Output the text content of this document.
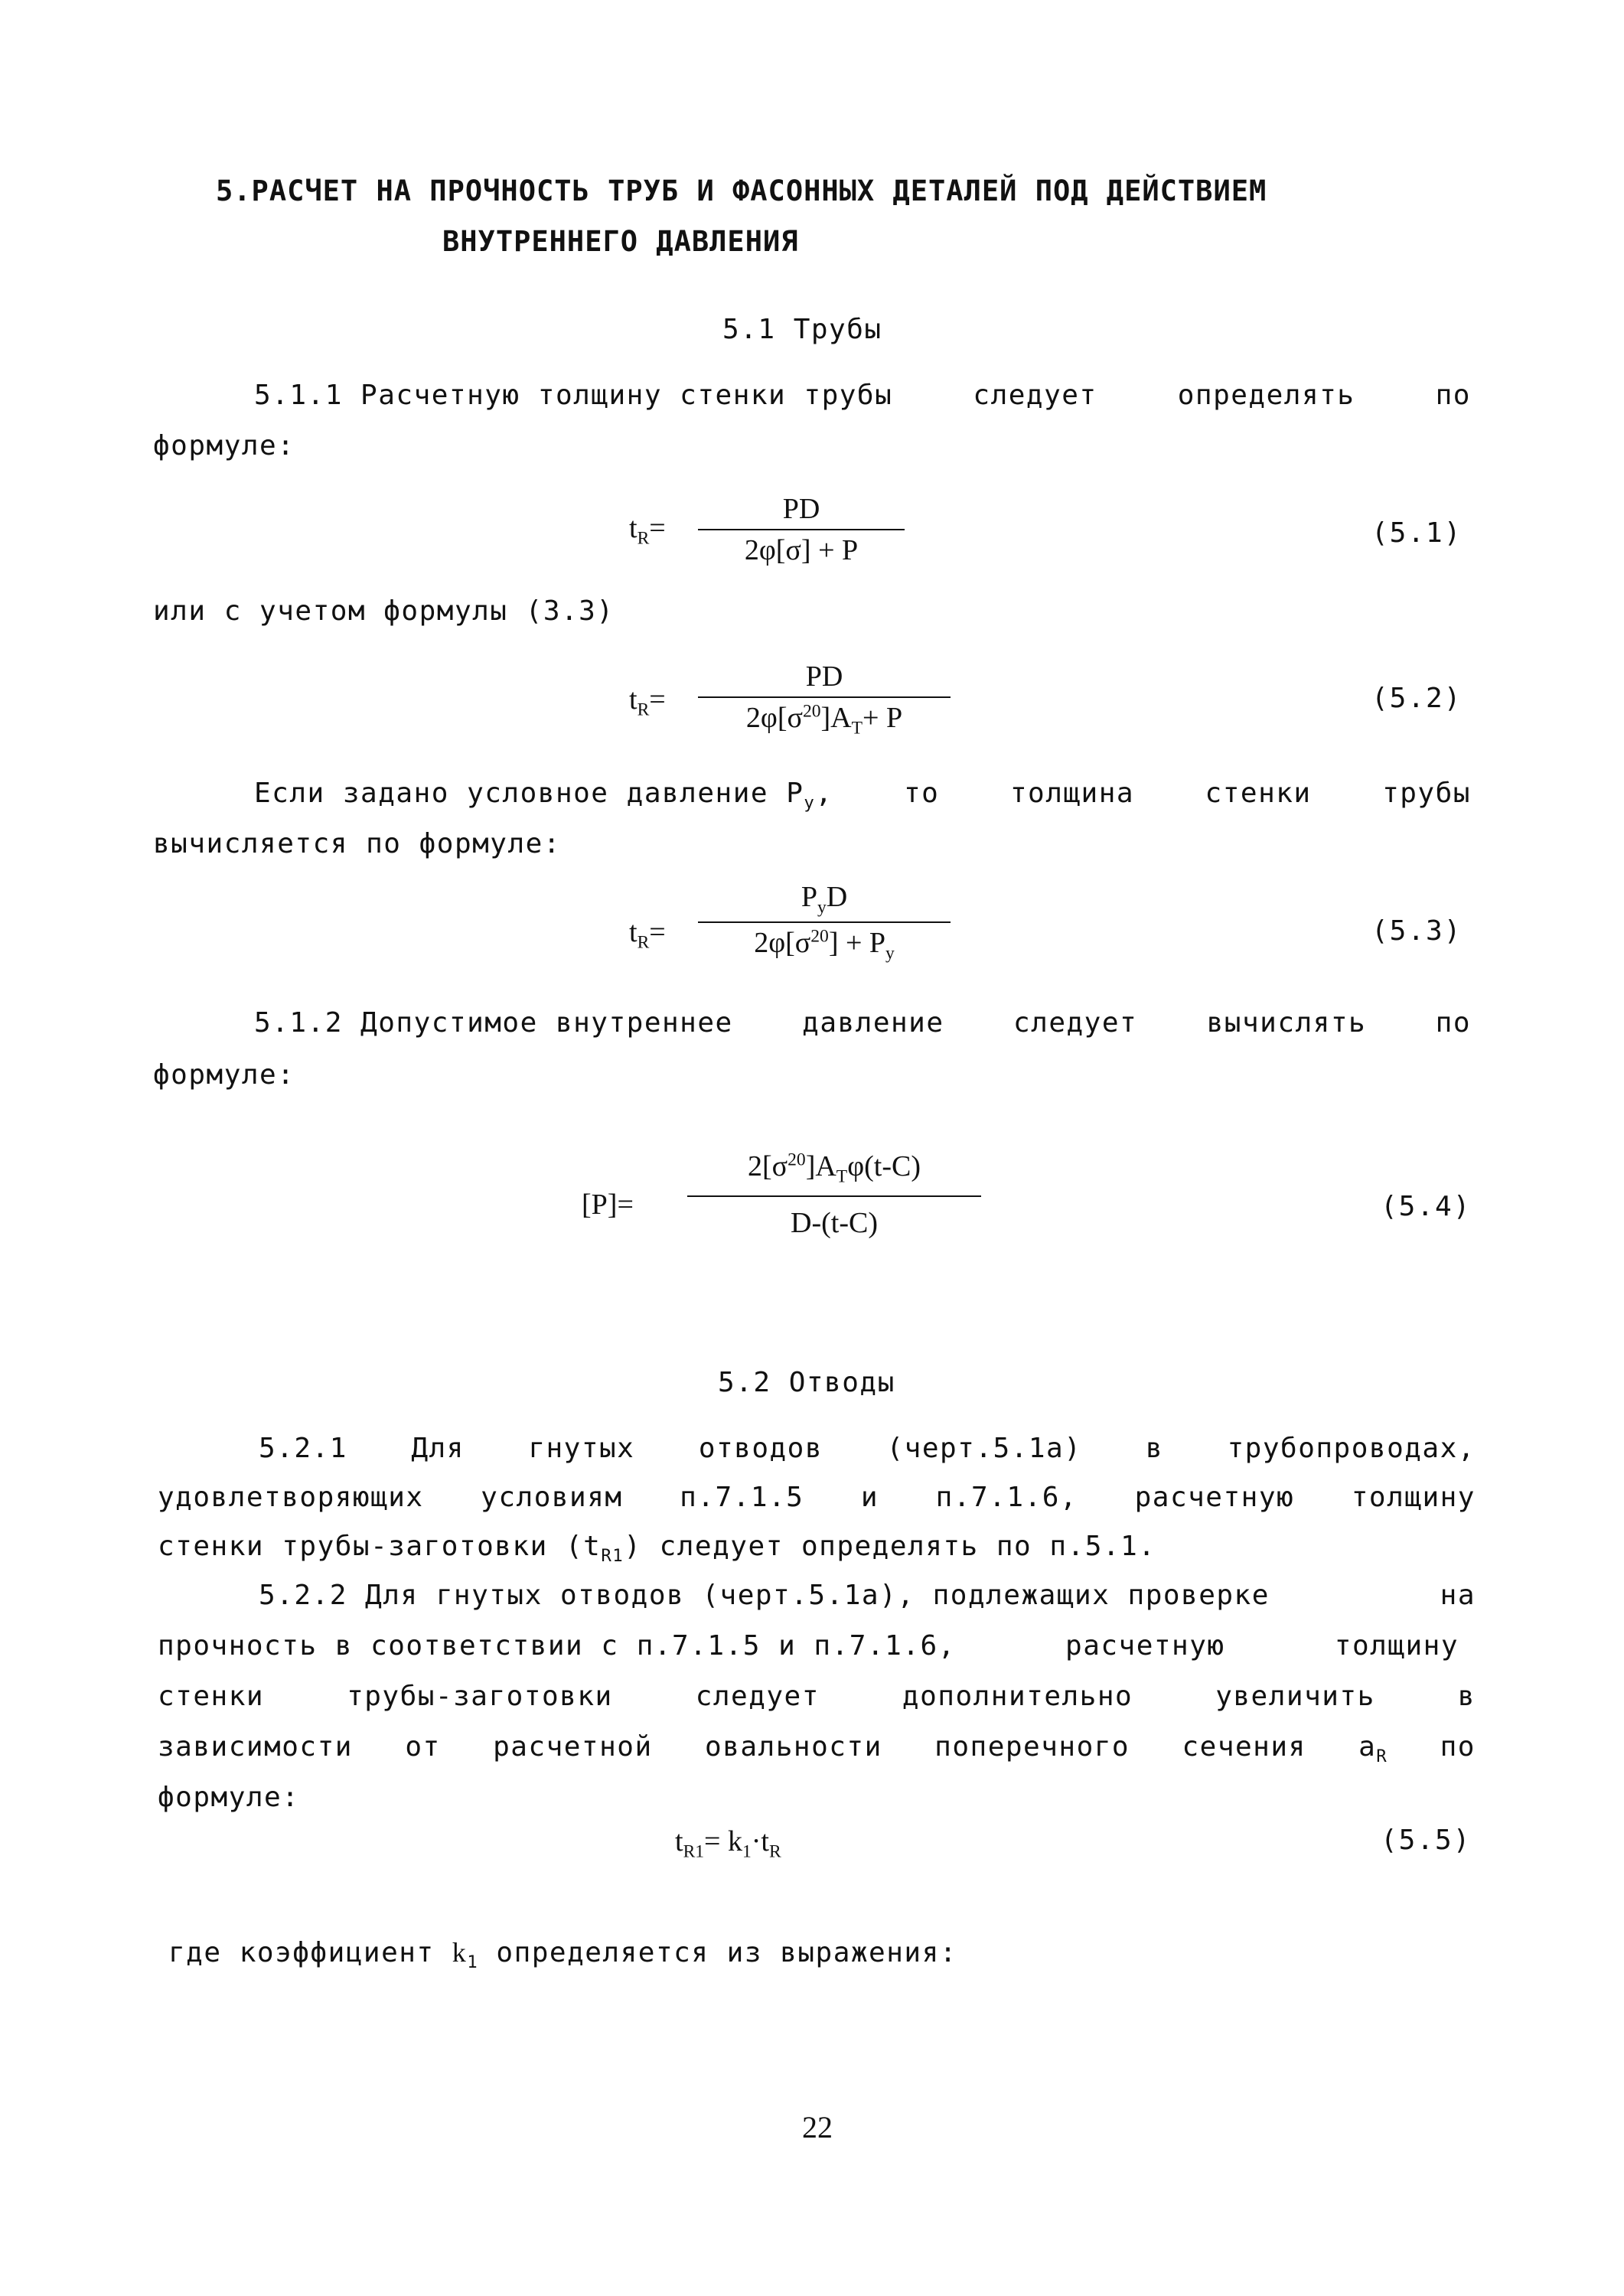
5.РАСЧЕТ НА ПРОЧНОСТЬ ТРУБ И ФАСОННЫХ ДЕТАЛЕЙ ПОД ДЕЙСТВИЕМ
ВНУТРЕННЕГО ДАВЛЕНИЯ
5.1 Трубы
5.1.1 Расчетную толщину стенки трубы	следует	определять	по
формуле:
$t_R=$
PD
2φ[σ] + P
(5.1)
или с учетом формулы (3.3)
$t_R=$
PD
$2\varphi[\sigma^{20}]A_T+ P$
(5.2)
Если задано условное давление $P_у$,	то	толщина	стенки	трубы
вычисляется по формуле:
$t_R=$
$P_yD$
$2\varphi[\sigma^{20}] + P_y$
(5.3)
5.1.2 Допустимое внутреннее	давление	следует	вычислять	по
формуле:
[P]=
$2[\sigma^{20}]A_T\varphi(t-C)$
D-(t-C)
(5.4)
5.2 Отводы
5.2.1 Для гнутых отводов (черт.5.1а) в трубопроводах,
удовлетворяющих условиям п.7.1.5 и п.7.1.6, расчетную толщину
стенки трубы-заготовки $(t_{R1})$ следует определять по п.5.1.
5.2.2 Для гнутых отводов (черт.5.1а), подлежащих проверке	на
прочность в соответствии с п.7.1.5 и п.7.1.6,	расчетную	толщину
стенки	трубы-заготовки	следует	дополнительно	увеличить	в
зависимости от расчетной овальности поперечного сечения $a_R$ по
формуле:
$t_{R1}= k_1\cdot t_R$	(5.5)
где коэффициент $k_1$ определяется из выражения:
22
